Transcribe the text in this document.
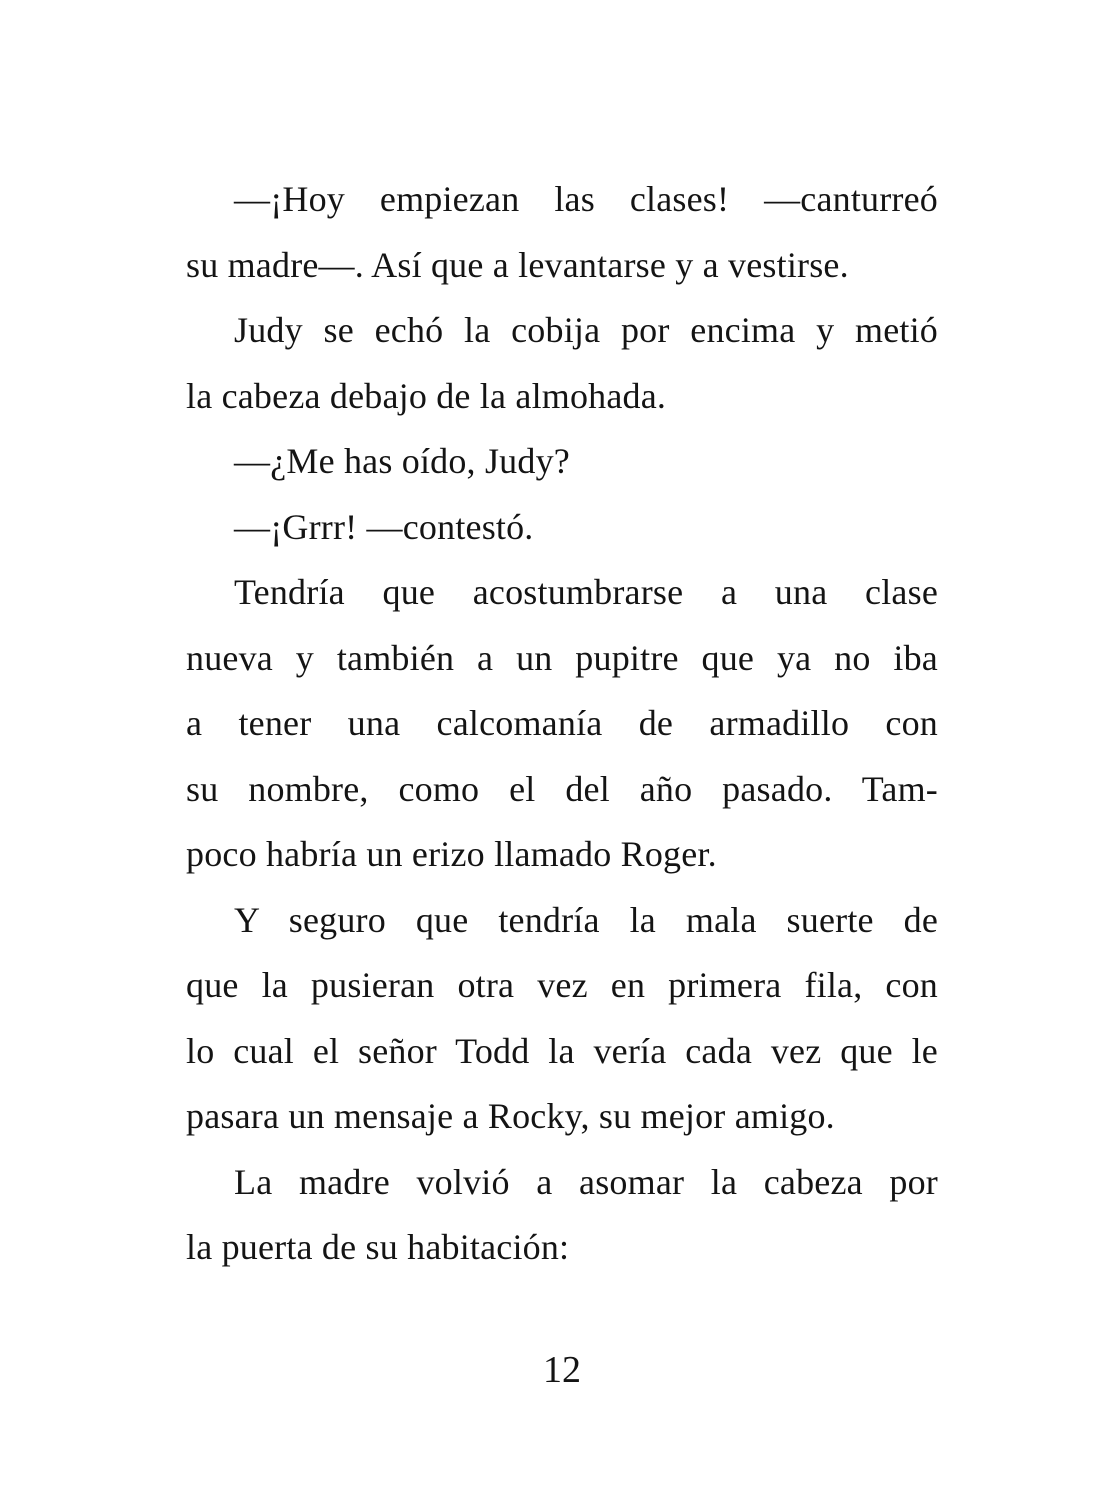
—¡Hoy empiezan las clases! —canturreó
su madre—. Así que a levantarse y a vestirse.
Judy se echó la cobija por encima y metió
la cabeza debajo de la almohada.
—¿Me has oído, Judy?
—¡Grrr! —contestó.
Tendría que acostumbrarse a una clase
nueva y también a un pupitre que ya no iba
a tener una calcomanía de armadillo con
su nombre, como el del año pasado. Tam-
poco habría un erizo llamado Roger.
Y seguro que tendría la mala suerte de
que la pusieran otra vez en primera fila, con
lo cual el señor Todd la vería cada vez que le
pasara un mensaje a Rocky, su mejor amigo.
La madre volvió a asomar la cabeza por
la puerta de su habitación:
12
